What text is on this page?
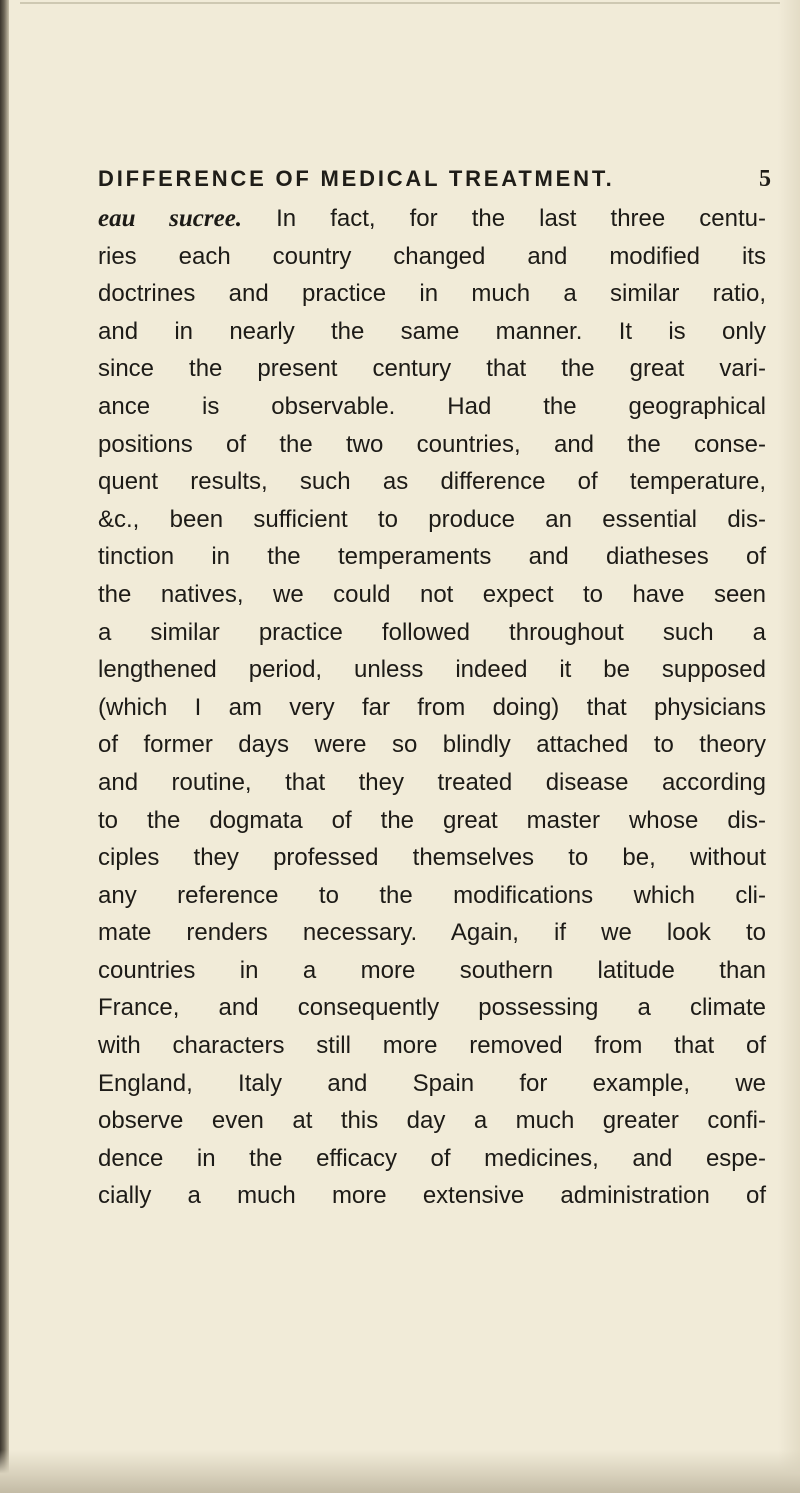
DIFFERENCE OF MEDICAL TREATMENT.	5
eau sucree. In fact, for the last three centu-
ries each country changed and modified its
doctrines and practice in much a similar ratio,
and in nearly the same manner. It is only
since the present century that the great vari-
ance is observable. Had the geographical
positions of the two countries, and the conse-
quent results, such as difference of temperature,
&c., been sufficient to produce an essential dis-
tinction in the temperaments and diatheses of
the natives, we could not expect to have seen
a similar practice followed throughout such a
lengthened period, unless indeed it be supposed
(which I am very far from doing) that physicians
of former days were so blindly attached to theory
and routine, that they treated disease according
to the dogmata of the great master whose dis-
ciples they professed themselves to be, without
any reference to the modifications which cli-
mate renders necessary. Again, if we look to
countries in a more southern latitude than
France, and consequently possessing a climate
with characters still more removed from that of
England, Italy and Spain for example, we
observe even at this day a much greater confi-
dence in the efficacy of medicines, and espe-
cially a much more extensive administration of
